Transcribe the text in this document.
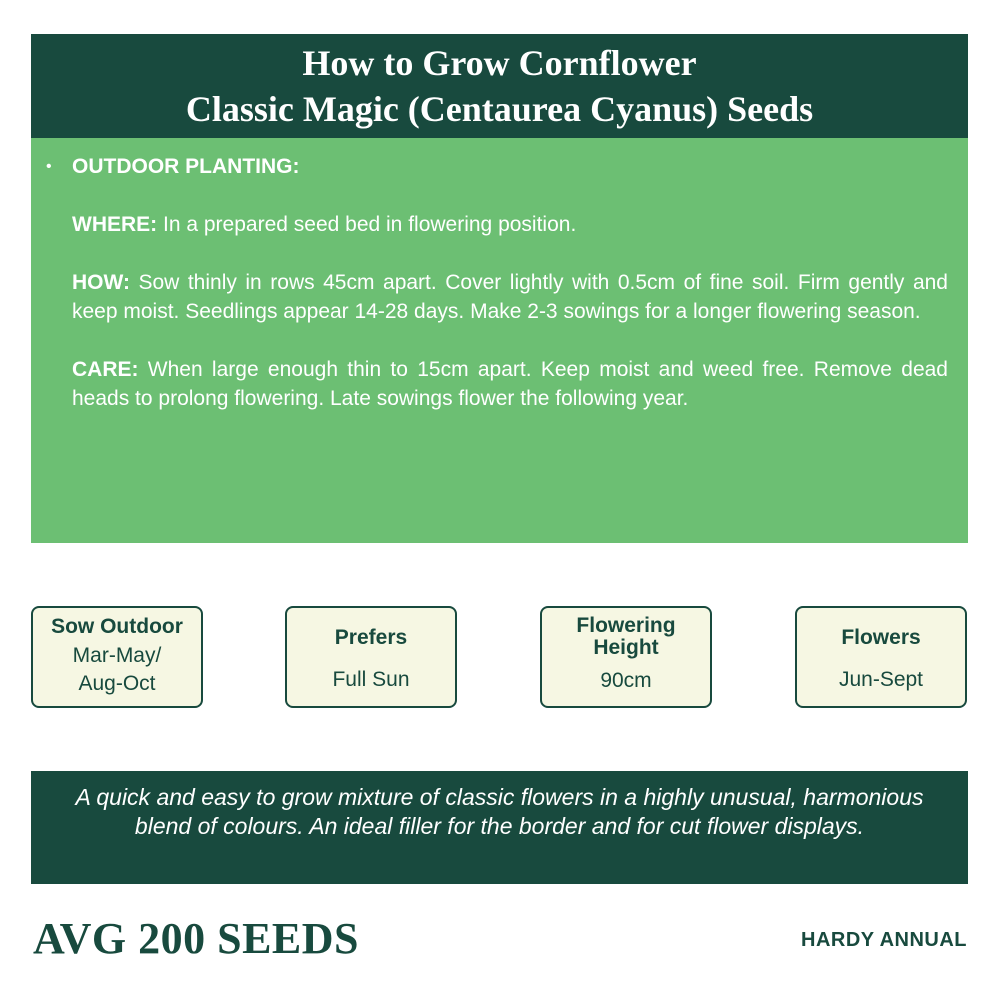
How to Grow Cornflower
Classic Magic (Centaurea Cyanus) Seeds
• OUTDOOR PLANTING:

WHERE: In a prepared seed bed in flowering position.

HOW: Sow thinly in rows 45cm apart. Cover lightly with 0.5cm of fine soil. Firm gently and keep moist. Seedlings appear 14-28 days. Make 2-3 sowings for a longer flowering season.

CARE: When large enough thin to 15cm apart. Keep moist and weed free. Remove dead heads to prolong flowering. Late sowings flower the following year.

Sow Outdoor
Mar-May/
Aug-Oct
Prefers
Full Sun
Flowering
Height
90cm
Flowers
Jun-Sept
A quick and easy to grow mixture of classic flowers in a highly unusual, harmonious blend of colours. An ideal filler for the border and for cut flower displays.
AVG 200 SEEDS	HARDY ANNUAL
